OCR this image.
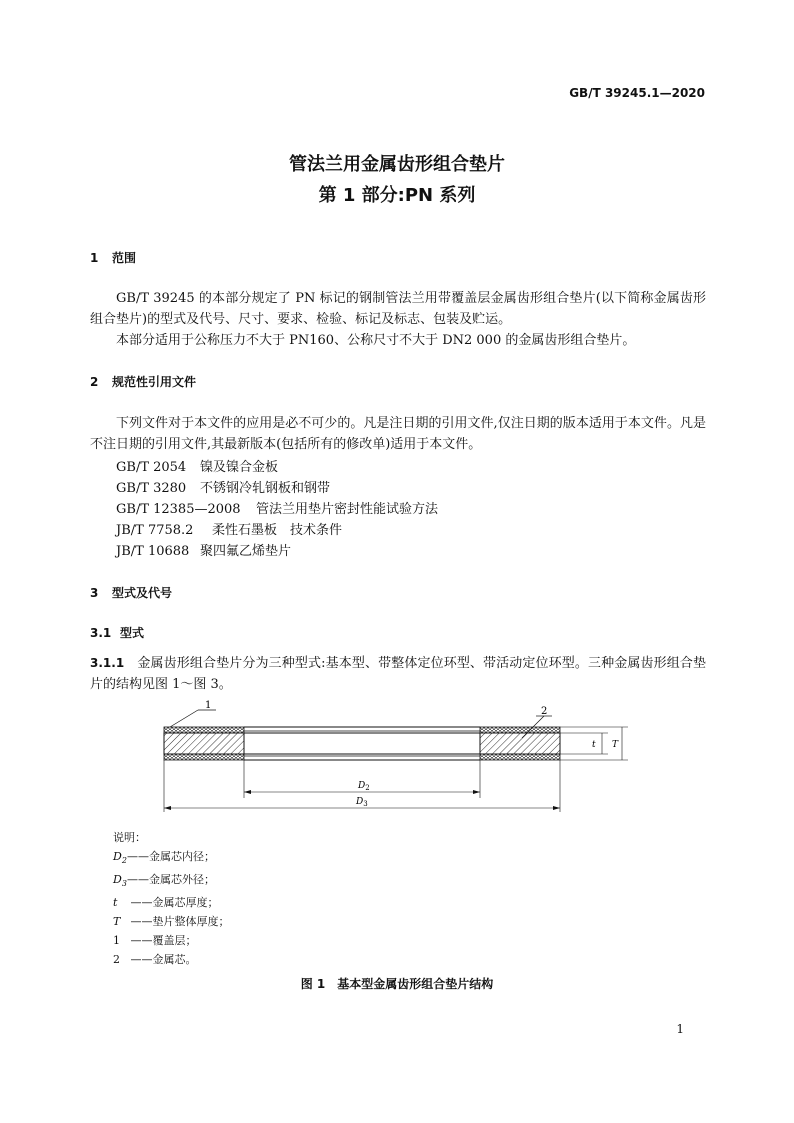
GB/T 39245.1—2020
管法兰用金属齿形组合垫片
第 1 部分:PN 系列
1 范围
GB/T 39245 的本部分规定了 PN 标记的钢制管法兰用带覆盖层金属齿形组合垫片(以下简称金属齿形组合垫片)的型式及代号、尺寸、要求、检验、标记及标志、包装及贮运。
本部分适用于公称压力不大于 PN160、公称尺寸不大于 DN2 000 的金属齿形组合垫片。
2 规范性引用文件
下列文件对于本文件的应用是必不可少的。凡是注日期的引用文件,仅注日期的版本适用于本文件。凡是不注日期的引用文件,其最新版本(包括所有的修改单)适用于本文件。
GB/T 2054 镍及镍合金板
GB/T 3280 不锈钢冷轧钢板和钢带
GB/T 12385—2008 管法兰用垫片密封性能试验方法
JB/T 7758.2 柔性石墨板　技术条件
JB/T 10688 聚四氟乙烯垫片
3 型式及代号
3.1 型式
3.1.1　 金属齿形组合垫片分为三种型式:基本型、带整体定位环型、带活动定位环型。三种金属齿形组合垫片的结构见图 1～图 3。
1
2
t T
$D_2$
$D_3$
说明：
$D_2——$金属芯内径；
$D_3——$金属芯外径；
t ——金属芯厚度；
T ——垫片整体厚度；
1 ——覆盖层；
2 ——金属芯。
图 1　基本型金属齿形组合垫片结构
1
